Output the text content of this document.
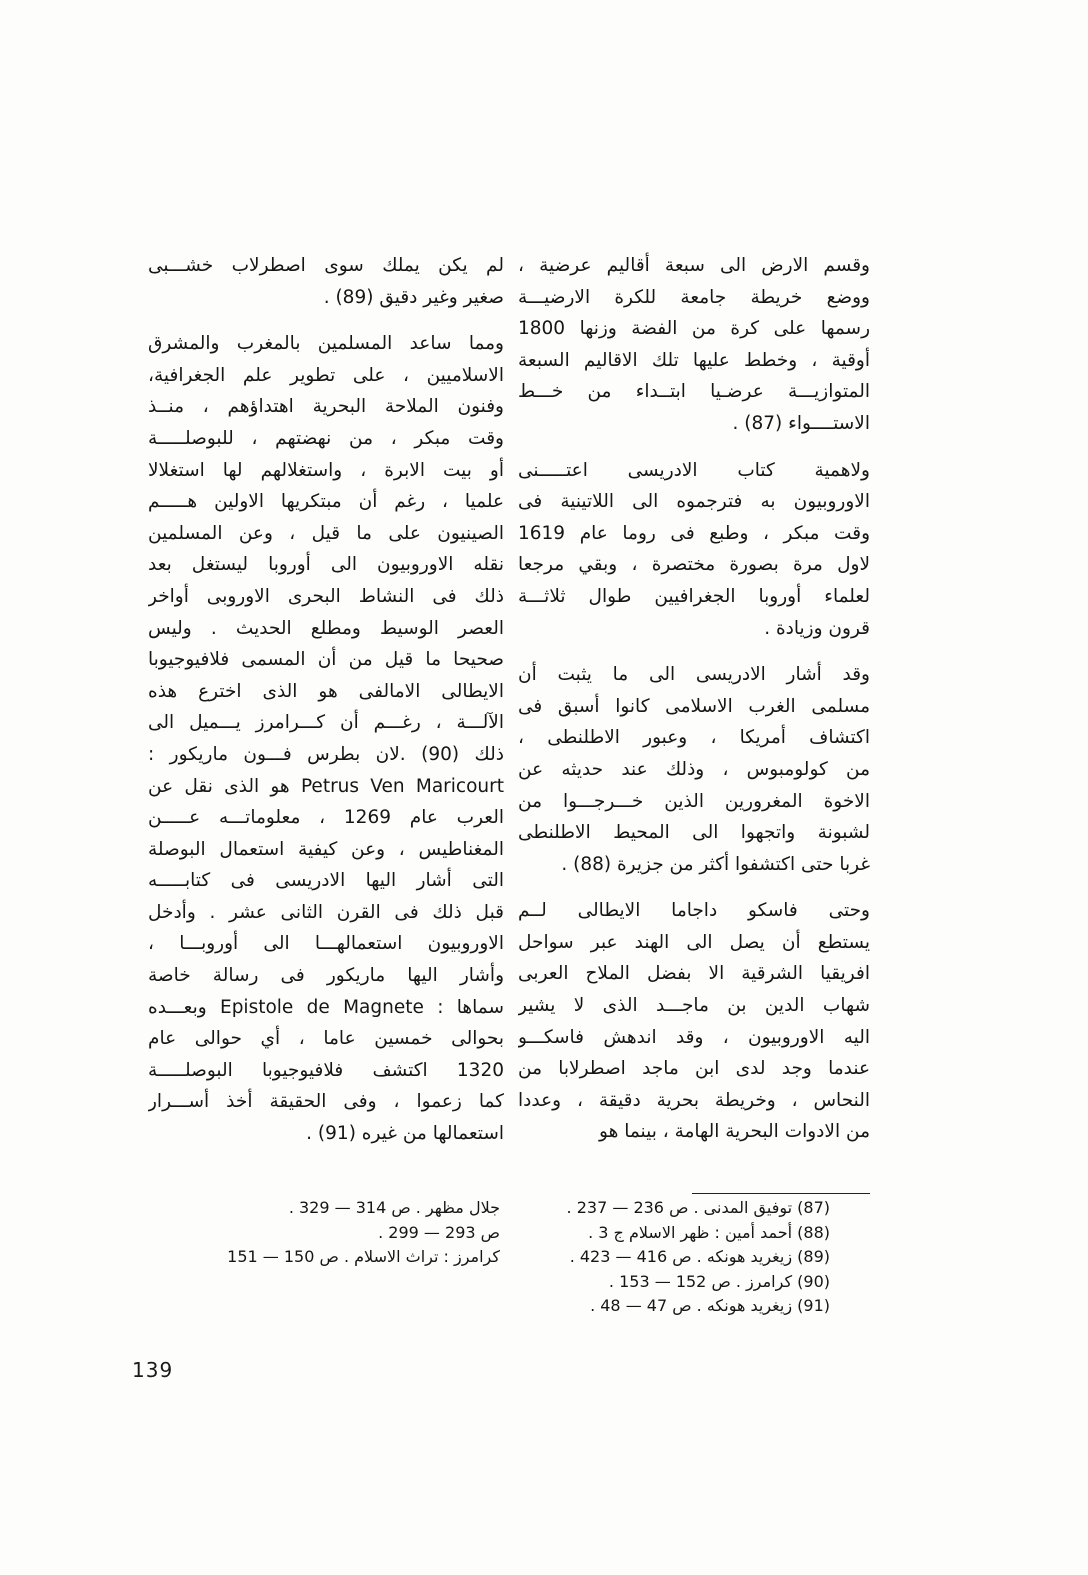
وقسم الارض الى سبعة أقاليم عرضية ،
ووضع خريطة جامعة للكرة الارضيـــة
رسمها على كرة من الفضة وزنها 1800
أوقية ، وخطط عليها تلك الاقاليم السبعة
المتوازيـــة عرضـيا ابتــداء من خـــط
الاستــــواء (87) .
ولاهمية كتاب الادريسى اعتـــــنى
الاوروبيون به فترجموه الى اللاتينية فى
وقت مبكر ، وطبع فى روما عام 1619
لاول مرة بصورة مختصرة ، وبقي مرجعا
لعلماء أوروبا الجغرافيين طوال ثلاثـــة
قرون وزيادة .
وقد أشار الادريسى الى ما يثبت أن
مسلمى الغرب الاسلامى كانوا أسبق فى
اكتشاف أمريكا ، وعبور الاطلنطى ،
من كولومبوس ، وذلك عند حديثه عن
الاخوة المغرورين الذين خـــرجـــوا من
لشبونة واتجهوا الى المحيط الاطلنطى
غربا حتى اكتشفوا أكثر من جزيرة (88) .
وحتى فاسكو داجاما الايطالى لــم
يستطع أن يصل الى الهند عبر سواحل
افريقيا الشرقية الا بفضل الملاح العربى
شهاب الدين بن ماجـــد الذى لا يشير
اليه الاوروبيون ، وقد اندهش فاسكـــو
عندما وجد لدى ابن ماجد اصطرلابا من
النحاس ، وخريطة بحرية دقيقة ، وعددا
من الادوات البحرية الهامة ، بينما هو
لم يكن يملك سوى اصطرلاب خشـــبى
صغير وغير دقيق (89) .
ومما ساعد المسلمين بالمغرب والمشرق
الاسلاميين ، على تطوير علم الجغرافية،
وفنون الملاحة البحرية اهتداؤهم ، منــذ
وقت مبكر ، من نهضتهم ، للبوصلـــــة
أو بيت الابرة ، واستغلالهم لها استغلالا
علميا ، رغم أن مبتكريها الاولين هـــــم
الصينيون على ما قيل ، وعن المسلمين
نقله الاوروبيون الى أوروبا ليستغل بعد
ذلك فى النشاط البحرى الاوروبى أواخر
العصر الوسيط ومطلع الحديث . وليس
صحيحا ما قيل من أن المسمى فلافيوجيوبا
الايطالى الامالفى هو الذى اخترع هذه
الآلـــة ، رغـــم أن كـــرامرز يـــميل الى
ذلك (90) .لان بطرس فـــون ماريكور :
Petrus Ven Maricourt هو الذى نقل عن
العرب عام 1269 ، معلوماتـــه عـــــن
المغناطيس ، وعن كيفية استعمال البوصلة
التى أشار اليها الادريسى فى كتابـــــه
قبل ذلك فى القرن الثانى عشر . وأدخل
الاوروبيون استعمالهـــا الى أوروبـــا ،
وأشار اليها ماريكور فى رسالة خاصة
سماها : Epistole de Magnete وبعـــده
بحوالى خمسين عاما ، أي حوالى عام
1320 اكتشف فلافيوجيوبا البوصلـــــة
كما زعموا ، وفى الحقيقة أخذ أســـرار
استعمالها من غيره (91) .
(87) توفيق المدنى . ص 236 — 237 .
جلال مظهر . ص 314 — 329 .
(88) أحمد أمين : ظهر الاسلام ج 3 .
ص 293 — 299 .
(89) زيغريد هونكه . ص 416 — 423 .
كرامرز : تراث الاسلام . ص 150 — 151
(90) كرامرز . ص 152 — 153 .
(91) زيغريد هونكه . ص 47 — 48 .
139
